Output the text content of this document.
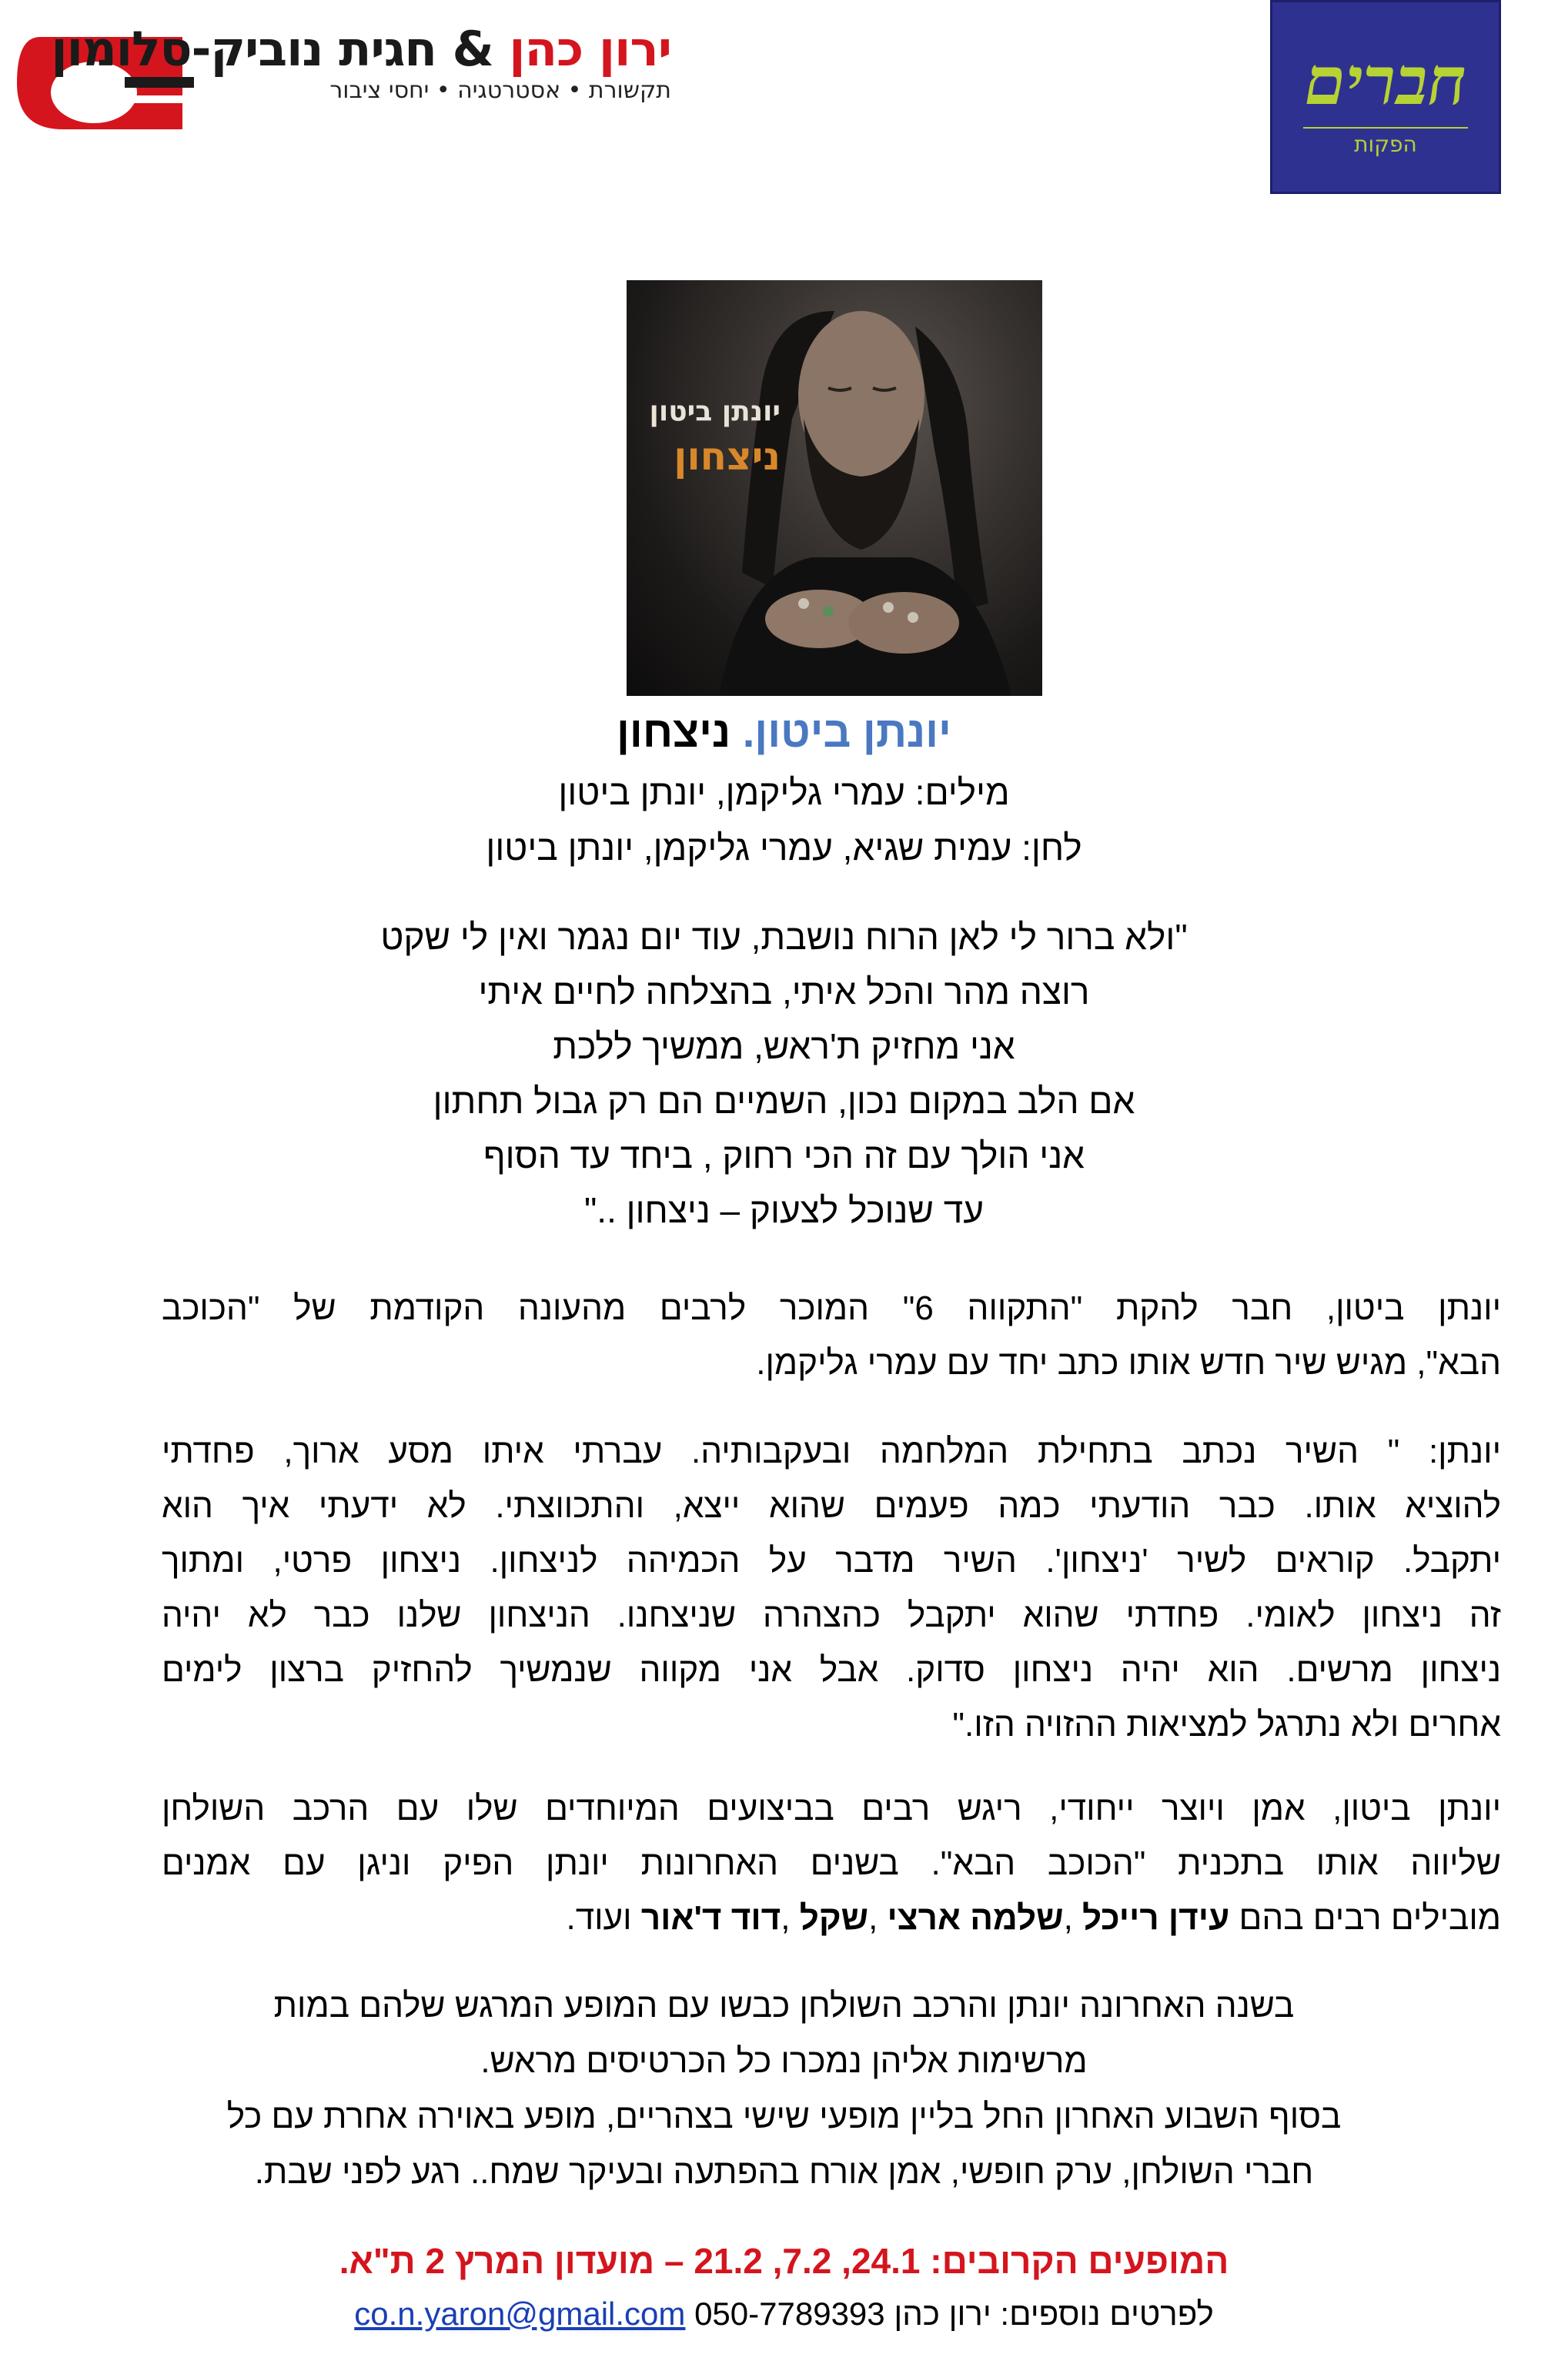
ירון כהן & חגית נוביק-סלומון
תקשורת • אסטרטגיה • יחסי ציבור	חברים
הפקות
יונתן ביטון
ניצחון
יונתן ביטון. ניצחון
מילים: עמרי גליקמן, יונתן ביטון
לחן: עמית שגיא, עמרי גליקמן, יונתן ביטון
"ולא ברור לי לאן הרוח נושבת, עוד יום נגמר ואין לי שקט
רוצה מהר והכל איתי, בהצלחה לחיים איתי
אני מחזיק ת'ראש, ממשיך ללכת
אם הלב במקום נכון, השמיים הם רק גבול תחתון
אני הולך עם זה הכי רחוק , ביחד עד הסוף
עד שנוכל לצעוק – ניצחון .."
יונתן ביטון, חבר להקת "התקווה 6" המוכר לרבים מהעונה הקודמת של "הכוכב
הבא", מגיש שיר חדש אותו כתב יחד עם עמרי גליקמן.
יונתן: " השיר נכתב בתחילת המלחמה ובעקבותיה. עברתי איתו מסע ארוך, פחדתי
להוציא אותו. כבר הודעתי כמה פעמים שהוא ייצא, והתכווצתי. לא ידעתי איך הוא
יתקבל. קוראים לשיר 'ניצחון'. השיר מדבר על הכמיהה לניצחון. ניצחון פרטי, ומתוך
זה ניצחון לאומי. פחדתי שהוא יתקבל כהצהרה שניצחנו. הניצחון שלנו כבר לא יהיה
ניצחון מרשים. הוא יהיה ניצחון סדוק. אבל אני מקווה שנמשיך להחזיק ברצון לימים
אחרים ולא נתרגל למציאות ההזויה הזו."
יונתן ביטון, אמן ויוצר ייחודי, ריגש רבים בביצועים המיוחדים שלו עם הרכב השולחן
שליווה אותו בתכנית "הכוכב הבא". בשנים האחרונות יונתן הפיק וניגן עם אמנים
מובילים רבים בהם עידן רייכל ,שלמה ארצי ,שקל ,דוד ד'אור ועוד.
בשנה האחרונה יונתן והרכב השולחן כבשו עם המופע המרגש שלהם במות
מרשימות אליהן נמכרו כל הכרטיסים מראש.
בסוף השבוע האחרון החל בליין מופעי שישי בצהריים, מופע באוירה אחרת עם כל
חברי השולחן, ערק חופשי, אמן אורח בהפתעה ובעיקר שמח.. רגע לפני שבת.
המופעים הקרובים: 24.1, 7.2, 21.2 – מועדון המרץ 2 ת"א.
לפרטים נוספים: ירון כהן 050-7789393 co.n.yaron@gmail.com
